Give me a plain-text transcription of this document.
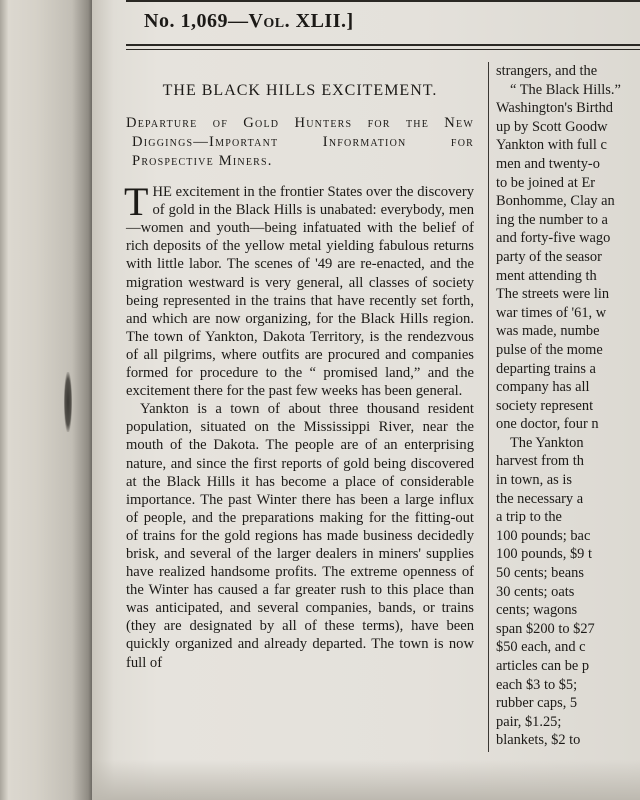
No. 1,069—Vol. XLII.]
THE BLACK HILLS EXCITEMENT.
Departure of Gold Hunters for the New Diggings—Important Information for Prospective Miners.

THE excitement in the frontier States over the discovery of gold in the Black Hills is unabated: everybody, men—women and youth—being infatuated with the belief of rich deposits of the yellow metal yielding fabulous returns with little labor. The scenes of '49 are re-enacted, and the migration westward is very general, all classes of society being represented in the trains that have recently set forth, and which are now organizing, for the Black Hills region. The town of Yankton, Dakota Territory, is the rendezvous of all pilgrims, where outfits are procured and companies formed for procedure to the “ promised land,” and the excitement there for the past few weeks has been general.

Yankton is a town of about three thousand resident population, situated on the Mississippi River, near the mouth of the Dakota. The people are of an enterprising nature, and since the first reports of gold being discovered at the Black Hills it has become a place of considerable importance. The past Winter there has been a large influx of people, and the preparations making for the fitting-out of trains for the gold regions has made business decidedly brisk, and several of the larger dealers in miners' supplies have realized handsome profits. The extreme openness of the Winter has caused a far greater rush to this place than was anticipated, and several companies, bands, or trains (they are designated by all of these terms), have been quickly organized and already departed. The town is now full of

strangers, and the
“ The Black Hills.”
Washington's Birthd
up by Scott Goodw
Yankton with full c
men and twenty-o
to be joined at Er
Bonhomme, Clay an
ing the number to a
and forty-five wago
party of the seasor
ment attending th
The streets were lin
war times of '61, w
was made, numbe
pulse of the mome
departing trains a
company has all
society represent
one doctor, four n
The Yankton
harvest from th
in town, as is
the necessary a
a trip to the
100 pounds; bac
100 pounds, $9 t
50 cents; beans
30 cents; oats
cents; wagons
span $200 to $27
$50 each, and c
articles can be p
each $3 to $5;
rubber caps, 5
pair, $1.25;
blankets, $2 to
